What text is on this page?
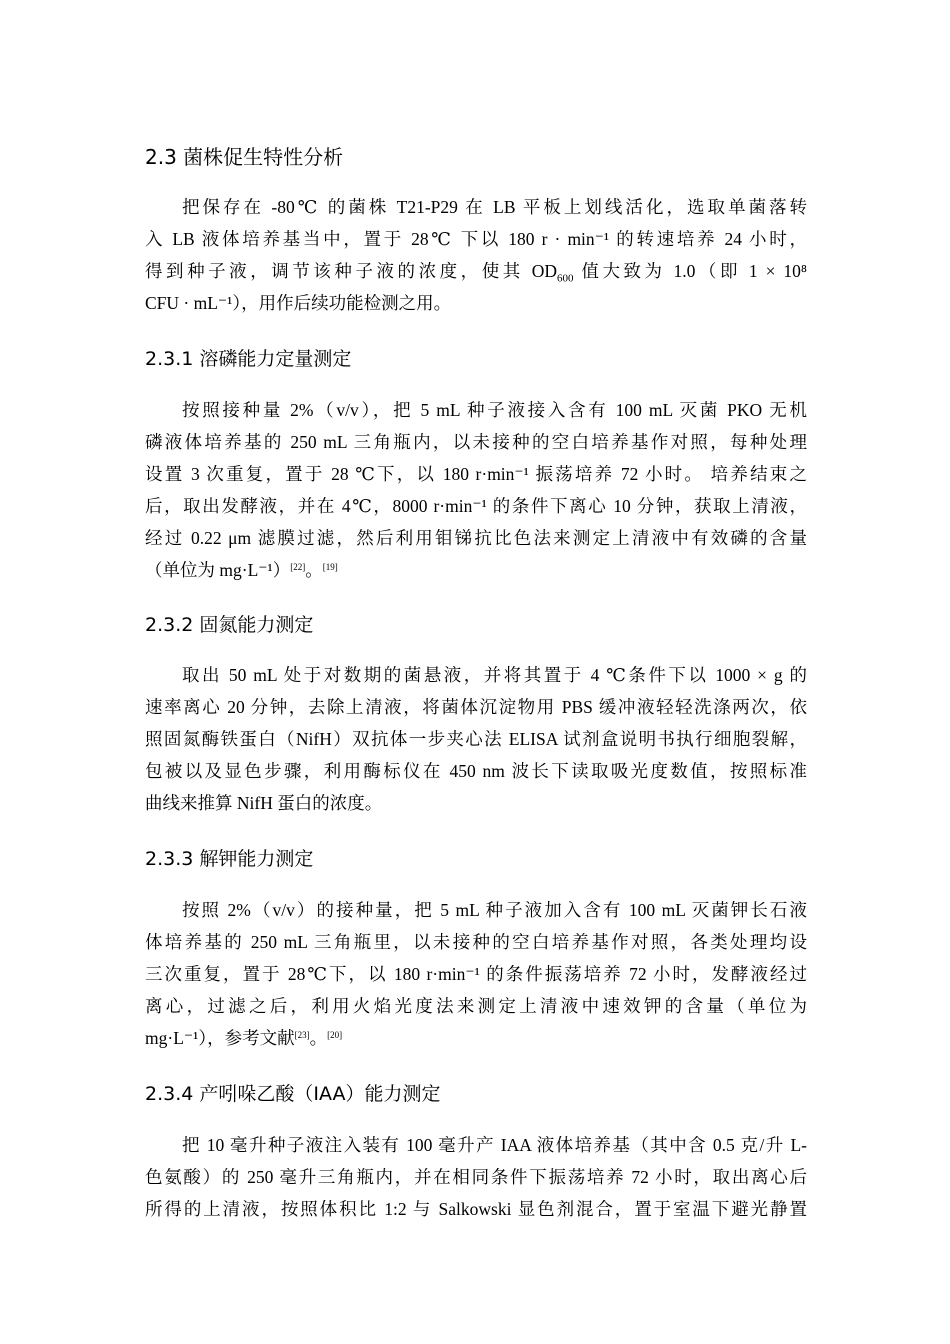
2.3 菌株促生特性分析

把保存在 -80℃ 的菌株 T21-P29 在 LB 平板上划线活化，选取单菌落转
入 LB 液体培养基当中，置于 28℃ 下以 180 r · min⁻¹ 的转速培养 24 小时，
得到种子液，调节该种子液的浓度，使其 $OD_{600}$ 值大致为 1.0（即 1 × 10⁸
CFU · mL⁻¹），用作后续功能检测之用。

2.3.1 溶磷能力定量测定

按照接种量 2%（v/v），把 5 mL 种子液接入含有 100 mL 灭菌 PKO 无机
磷液体培养基的 250 mL 三角瓶内，以未接种的空白培养基作对照，每种处理
设置 3 次重复，置于 28 ℃下，以 180 r·min⁻¹ 振荡培养 72 小时。 培养结束之
后，取出发酵液，并在 4℃，8000 r·min⁻¹ 的条件下离心 10 分钟，获取上清液，
经过 0.22 μm 滤膜过滤，然后利用钼锑抗比色法来测定上清液中有效磷的含量
（单位为 mg·L⁻¹）[22]。[19]

2.3.2 固氮能力测定

取出 50 mL 处于对数期的菌悬液，并将其置于 4 ℃条件下以 1000 × g 的
速率离心 20 分钟，去除上清液，将菌体沉淀物用 PBS 缓冲液轻轻洗涤两次，依
照固氮酶铁蛋白（NifH）双抗体一步夹心法 ELISA 试剂盒说明书执行细胞裂解，
包被以及显色步骤，利用酶标仪在 450 nm 波长下读取吸光度数值，按照标准
曲线来推算 NifH 蛋白的浓度。

2.3.3 解钾能力测定

按照 2%（v/v）的接种量，把 5 mL 种子液加入含有 100 mL 灭菌钾长石液
体培养基的 250 mL 三角瓶里，以未接种的空白培养基作对照，各类处理均设
三次重复，置于 28℃下，以 180 r·min⁻¹ 的条件振荡培养 72 小时，发酵液经过
离心，过滤之后，利用火焰光度法来测定上清液中速效钾的含量（单位为
mg·L⁻¹），参考文献[23]。[20]

2.3.4 产吲哚乙酸（IAA）能力测定

把 10 毫升种子液注入装有 100 毫升产 IAA 液体培养基（其中含 0.5 克/升 L-
色氨酸）的 250 毫升三角瓶内，并在相同条件下振荡培养 72 小时，取出离心后
所得的上清液，按照体积比 1:2 与 Salkowski 显色剂混合，置于室温下避光静置
